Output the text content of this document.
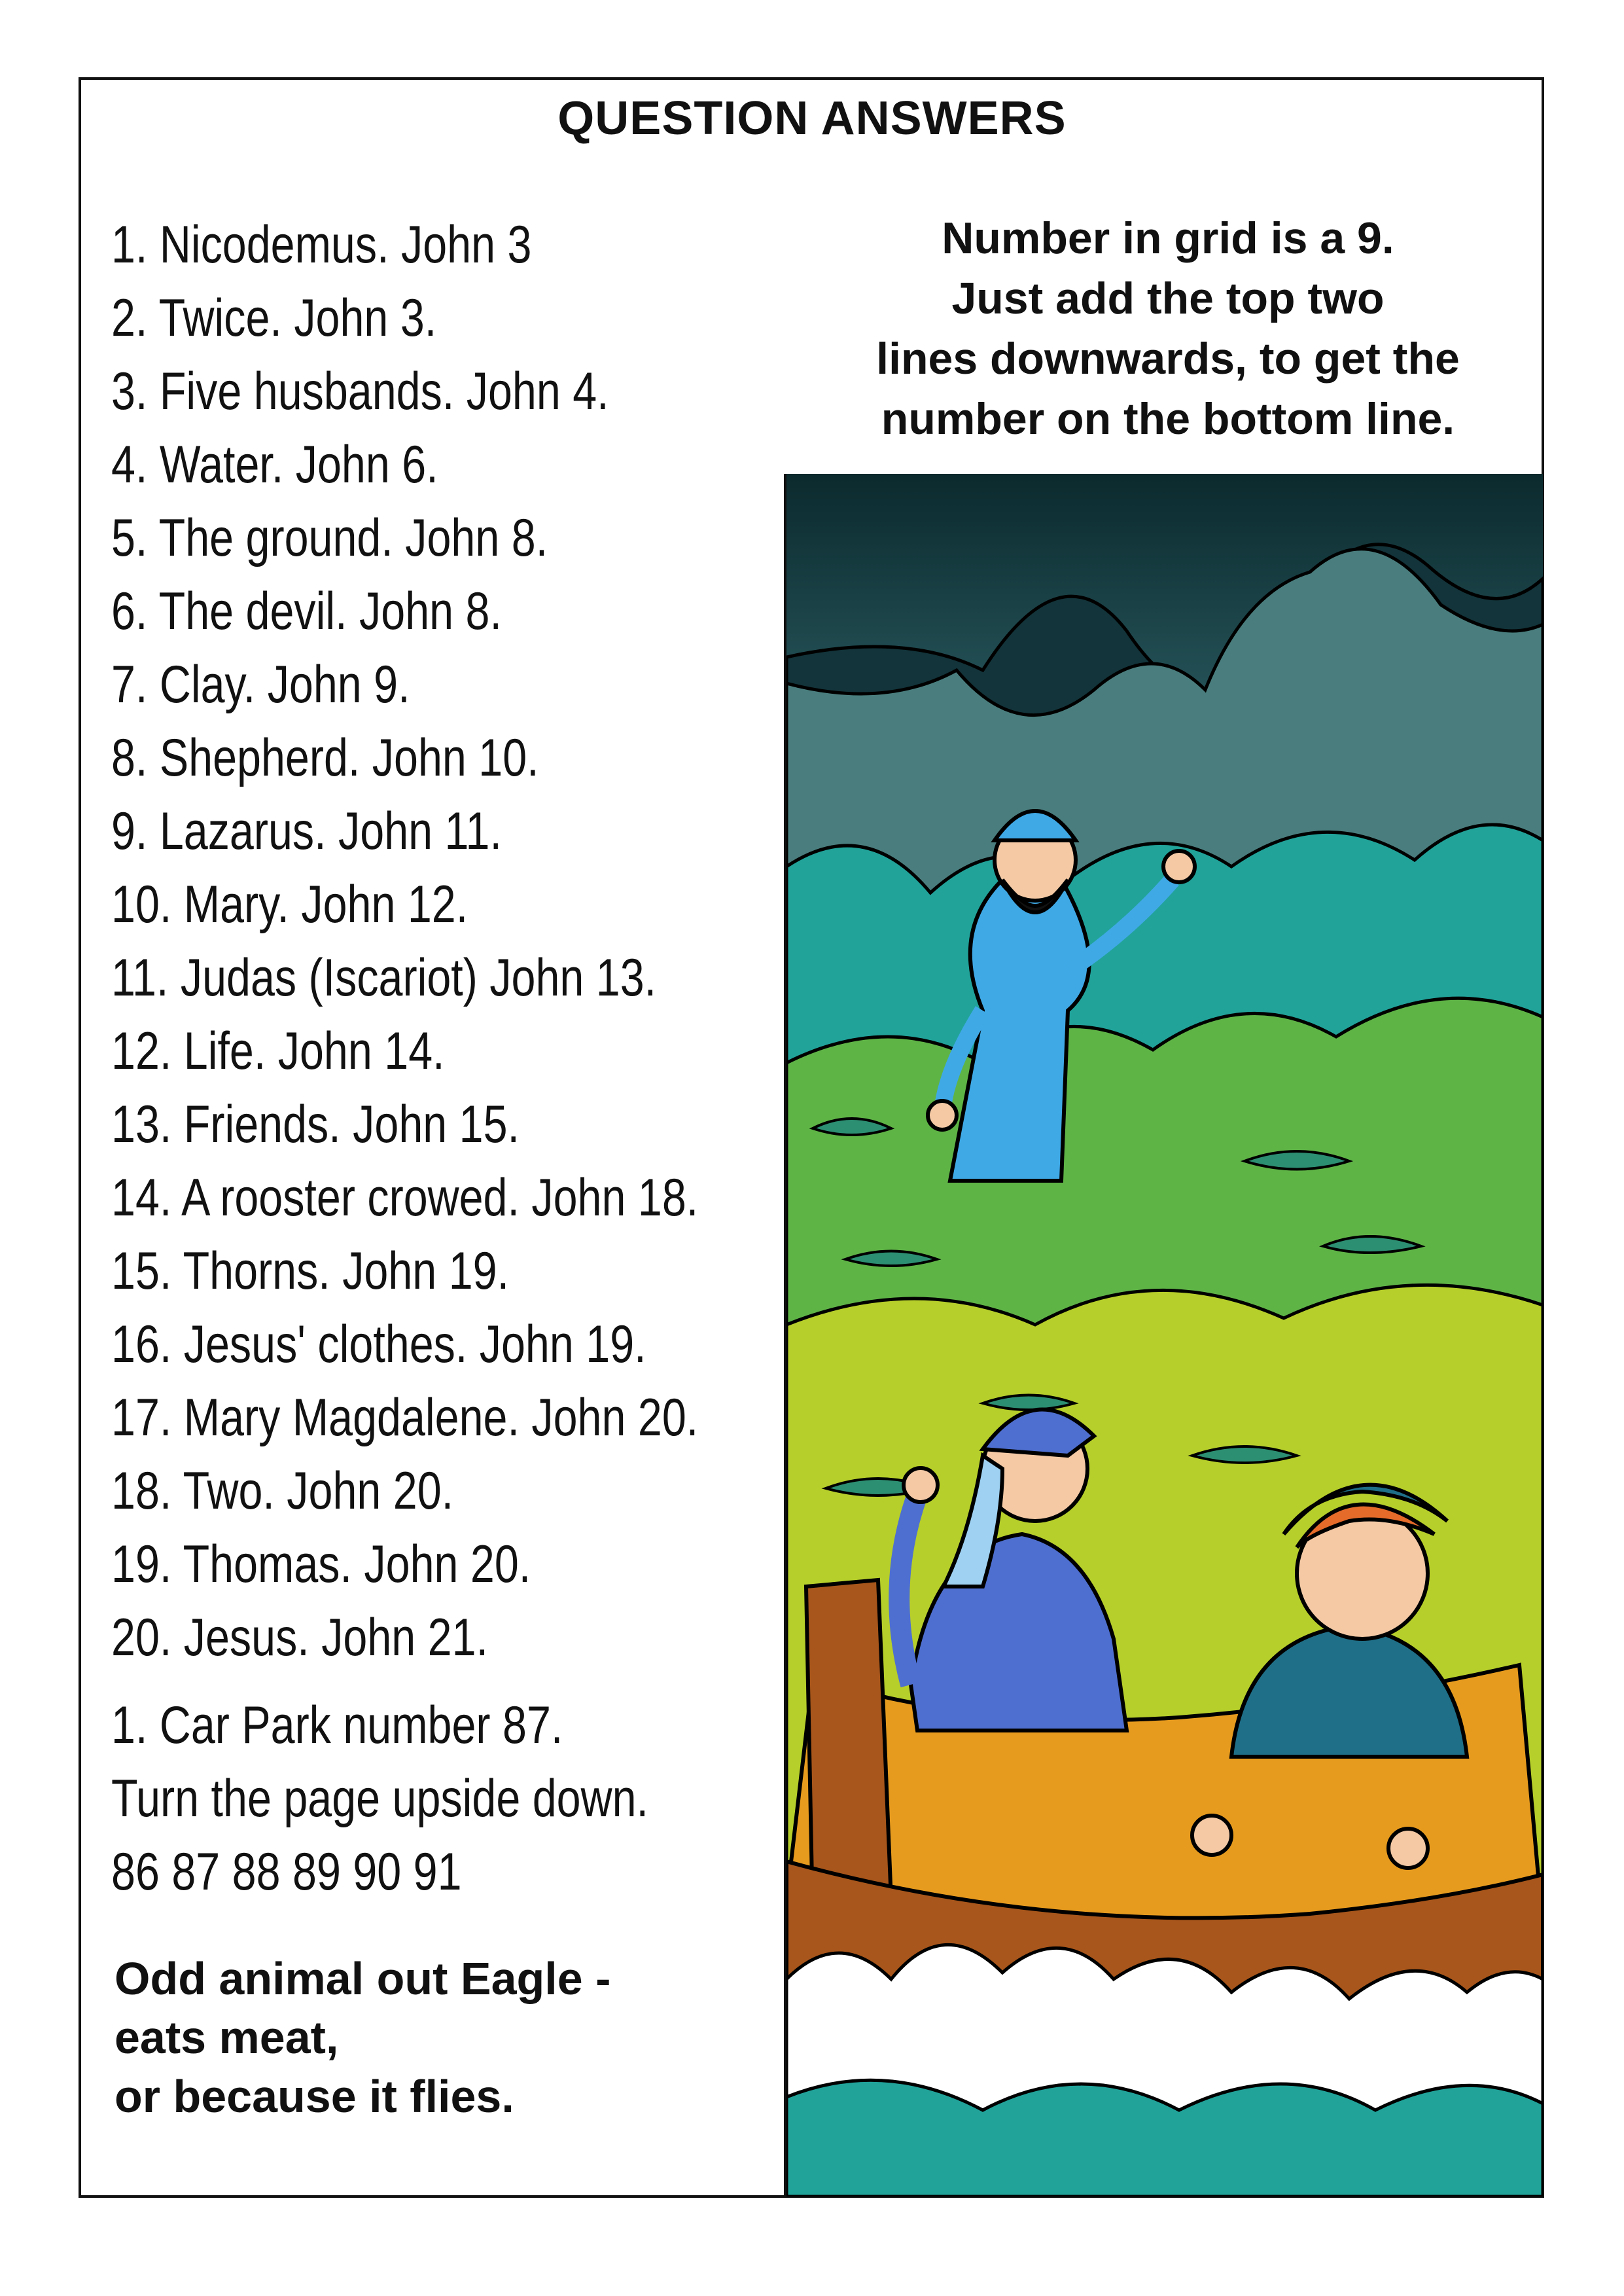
QUESTION ANSWERS
1. Nicodemus. John 3
2. Twice. John 3.
3. Five husbands. John 4.
4. Water. John 6.
5. The ground. John 8.
6. The devil. John 8.
7. Clay. John 9.
8. Shepherd. John 10.
9. Lazarus. John 11.
10. Mary. John 12.
11. Judas (Iscariot) John 13.
12. Life. John 14.
13. Friends. John 15.
14. A rooster crowed. John 18.
15. Thorns. John 19.
16. Jesus' clothes. John 19.
17. Mary Magdalene. John 20.
18. Two. John 20.
19. Thomas. John 20.
20. Jesus. John 21.
1. Car Park number 87.
Turn the page upside down.
86 87 88 89 90 91
Odd animal out Eagle -
eats meat,
or because it flies.
Number in grid is a 9.
Just add the top two
lines downwards, to get the
number on the bottom line.
